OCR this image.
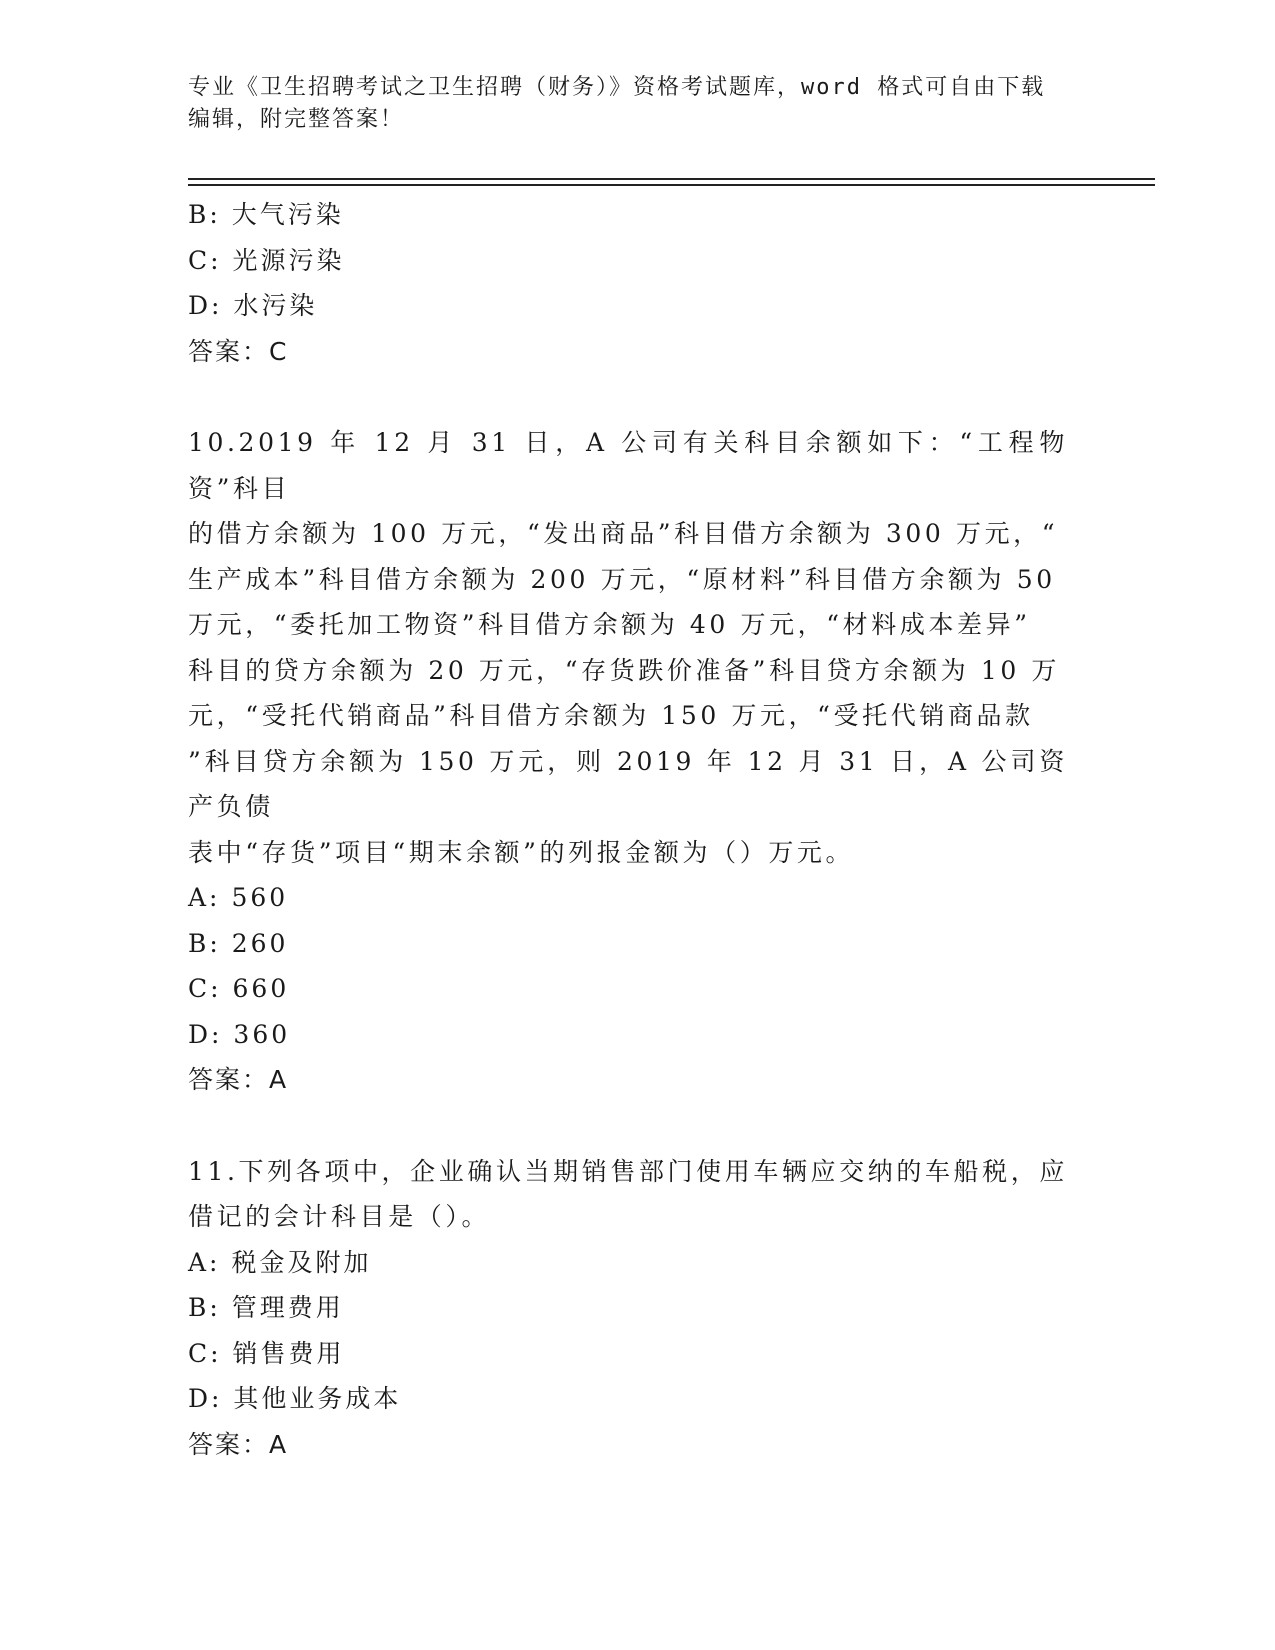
专业《卫生招聘考试之卫生招聘（财务）》资格考试题库，word 格式可自由下载
编辑，附完整答案！
B: 大气污染
C: 光源污染
D: 水污染
答案：C
10.2019 年 12 月 31 日，A 公司有关科目余额如下：“工程物资”科目
的借方余额为 100 万元，“发出商品”科目借方余额为 300 万元，“
生产成本”科目借方余额为 200 万元，“原材料”科目借方余额为 50
万元，“委托加工物资”科目借方余额为 40 万元，“材料成本差异”
科目的贷方余额为 20 万元，“存货跌价准备”科目贷方余额为 10 万
元，“受托代销商品”科目借方余额为 150 万元，“受托代销商品款
”科目贷方余额为 150 万元，则 2019 年 12 月 31 日，A 公司资产负债
表中“存货”项目“期末余额”的列报金额为（）万元。
A: 560
B: 260
C: 660
D: 360
答案：A
11.下列各项中，企业确认当期销售部门使用车辆应交纳的车船税，应
借记的会计科目是（）。
A: 税金及附加
B: 管理费用
C: 销售费用
D: 其他业务成本
答案：A
